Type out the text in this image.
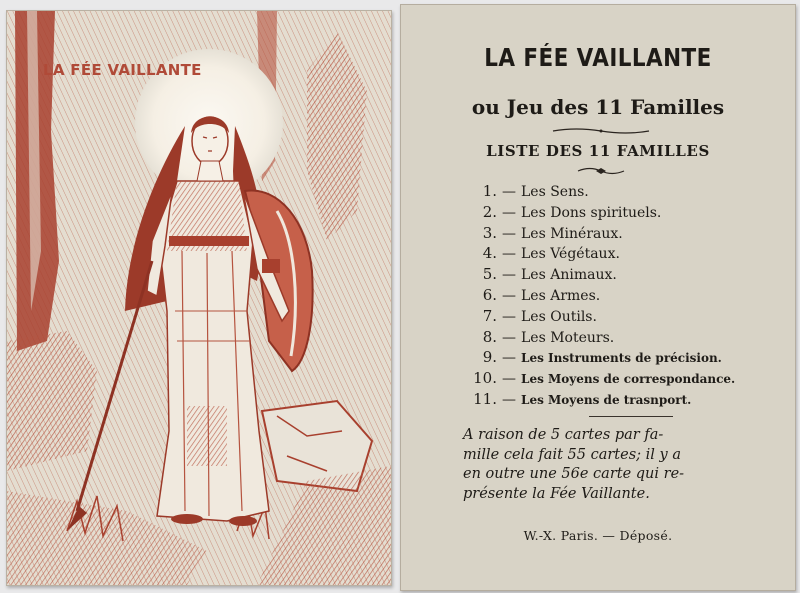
LA FÉE VAILLANTE	LA FÉE VAILLANTE
ou Jeu des 11 Familles
LISTE DES 11 FAMILLES
1. — Les Sens.
2. — Les Dons spirituels.
3. — Les Minéraux.
4. — Les Végétaux.
5. — Les Animaux.
6. — Les Armes.
7. — Les Outils.
8. — Les Moteurs.
9. — Les Instruments de précision.
10. — Les Moyens de correspondance.
11. — Les Moyens de trasnport.

A raison de 5 cartes par fa-
mille cela fait 55 cartes; il y a
en outre une 56e carte qui re-
présente la Fée Vaillante.

W.-X. Paris. — Déposé.
